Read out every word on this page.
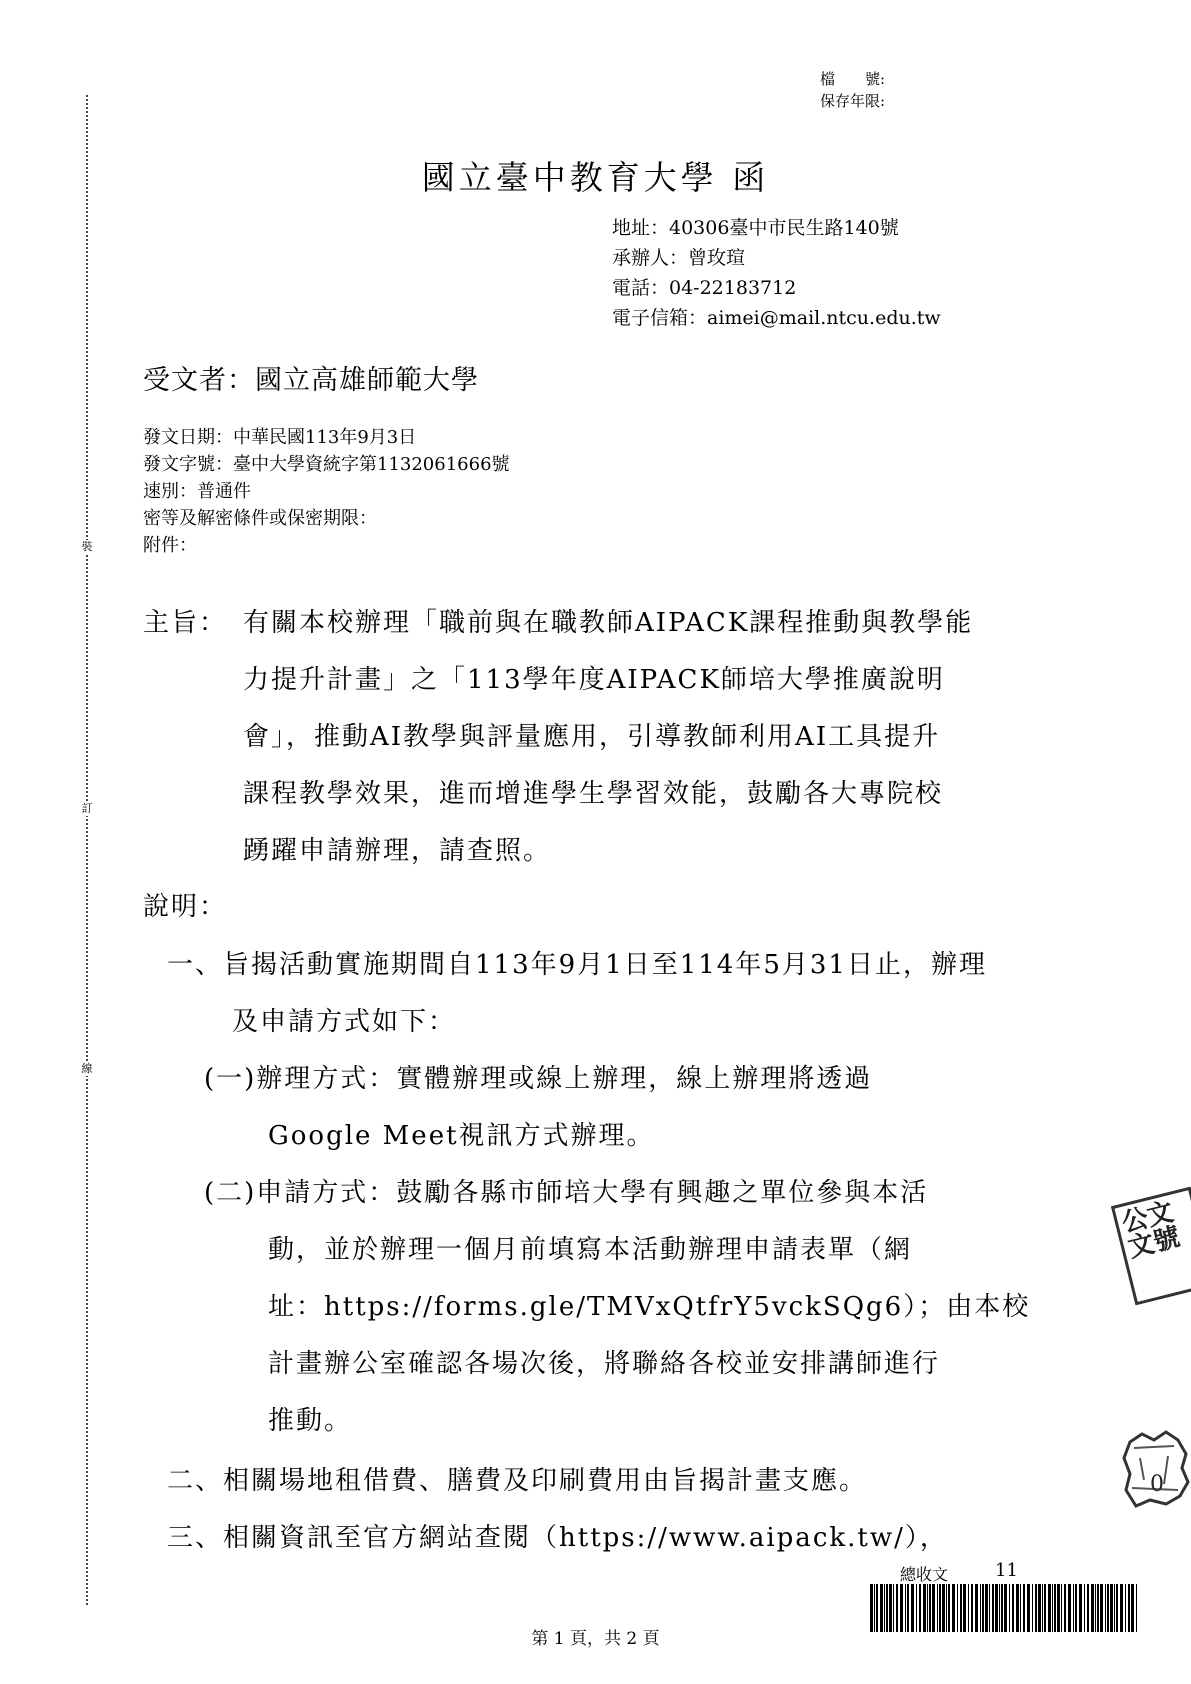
裝
訂
線
檔　　號:
保存年限:
國立臺中教育大學 函
地址：40306臺中市民生路140號
承辦人：曾玫瑄
電話：04-22183712
電子信箱：aimei@mail.ntcu.edu.tw
受文者：國立高雄師範大學
發文日期：中華民國113年9月3日
發文字號：臺中大學資統字第1132061666號
速別：普通件
密等及解密條件或保密期限：
附件：
主旨： 有關本校辦理「職前與在職教師AIPACK課程推動與教學能
力提升計畫」之「113學年度AIPACK師培大學推廣說明
會」，推動AI教學與評量應用，引導教師利用AI工具提升
課程教學效果，進而增進學生學習效能，鼓勵各大專院校
踴躍申請辦理，請查照。
說明：
一、旨揭活動實施期間自113年9月1日至114年5月31日止，辦理
及申請方式如下：
(一)辦理方式：實體辦理或線上辦理，線上辦理將透過
Google Meet視訊方式辦理。
(二)申請方式：鼓勵各縣市師培大學有興趣之單位參與本活
動，並於辦理一個月前填寫本活動辦理申請表單（網
址：https://forms.gle/TMVxQtfrY5vckSQg6）；由本校
計畫辦公室確認各場次後，將聯絡各校並安排講師進行
推動。
二、相關場地租借費、膳費及印刷費用由旨揭計畫支應。
三、相關資訊至官方網站查閱（https://www.aipack.tw/），
公文
文號
0
總收文	11
第 1 頁，共 2 頁
